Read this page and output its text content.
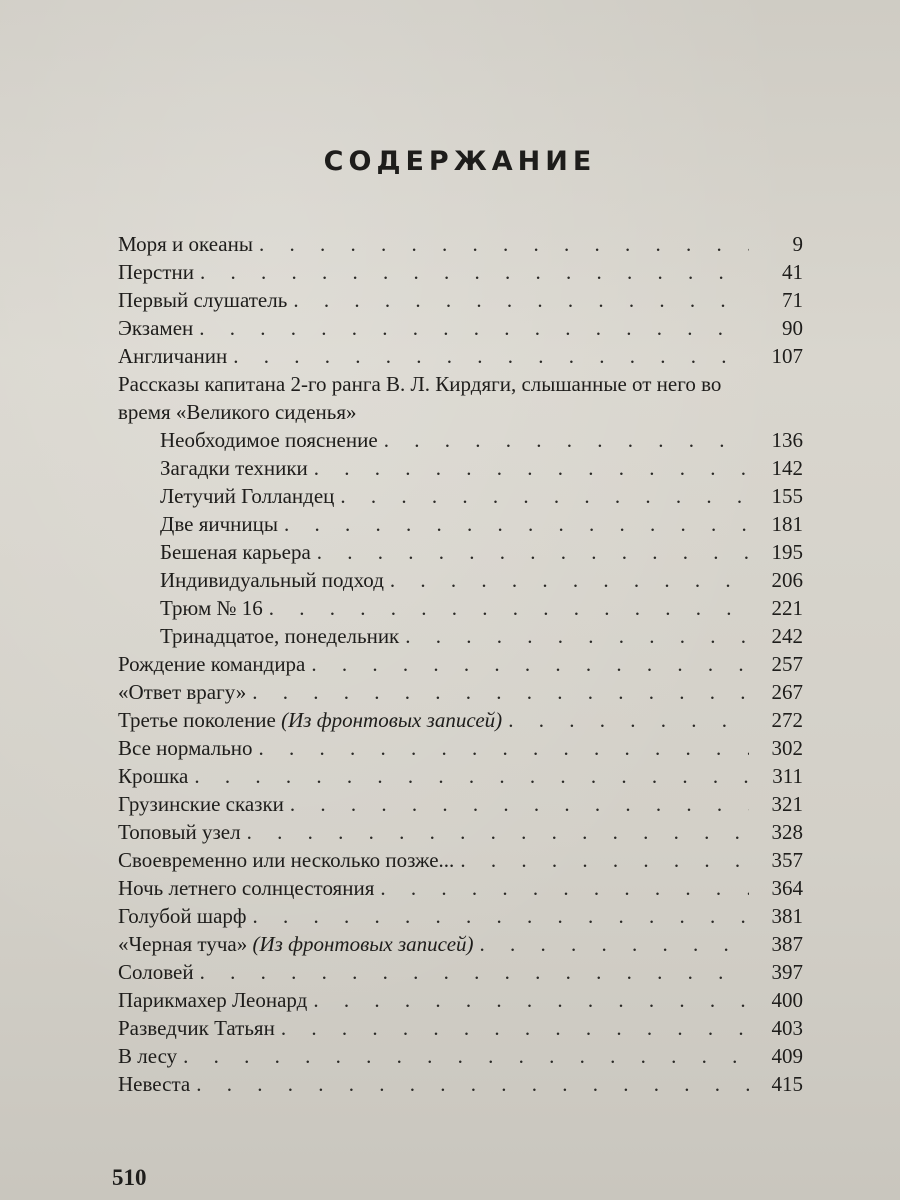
СОДЕРЖАНИЕ
Моря и океаны . . .	9
Перстни . . .	41
Первый слушатель . . .	71
Экзамен . . .	90
Англичанин . . .	107
Рассказы капитана 2-го ранга В. Л. Кирдяги, слышанные от него во время «Великого сиденья»
Необходимое пояснение . . .	136
Загадки техники . . .	142
Летучий Голландец . . .	155
Две яичницы . . .	181
Бешеная карьера . . .	195
Индивидуальный подход . . .	206
Трюм № 16 . . .	221
Тринадцатое, понедельник . . .	242
Рождение командира . . .	257
«Ответ врагу» . . .	267
Третье поколение (Из фронтовых записей) . . .	272
Все нормально . . .	302
Крошка . . .	311
Грузинские сказки . . .	321
Топовый узел . . .	328
Своевременно или несколько позже... . . .	357
Ночь летнего солнцестояния . . .	364
Голубой шарф . . .	381
«Черная туча» (Из фронтовых записей) . . .	387
Соловей . . .	397
Парикмахер Леонард . . .	400
Разведчик Татьян . . .	403
В лесу . . .	409
Невеста . . .	415
510
